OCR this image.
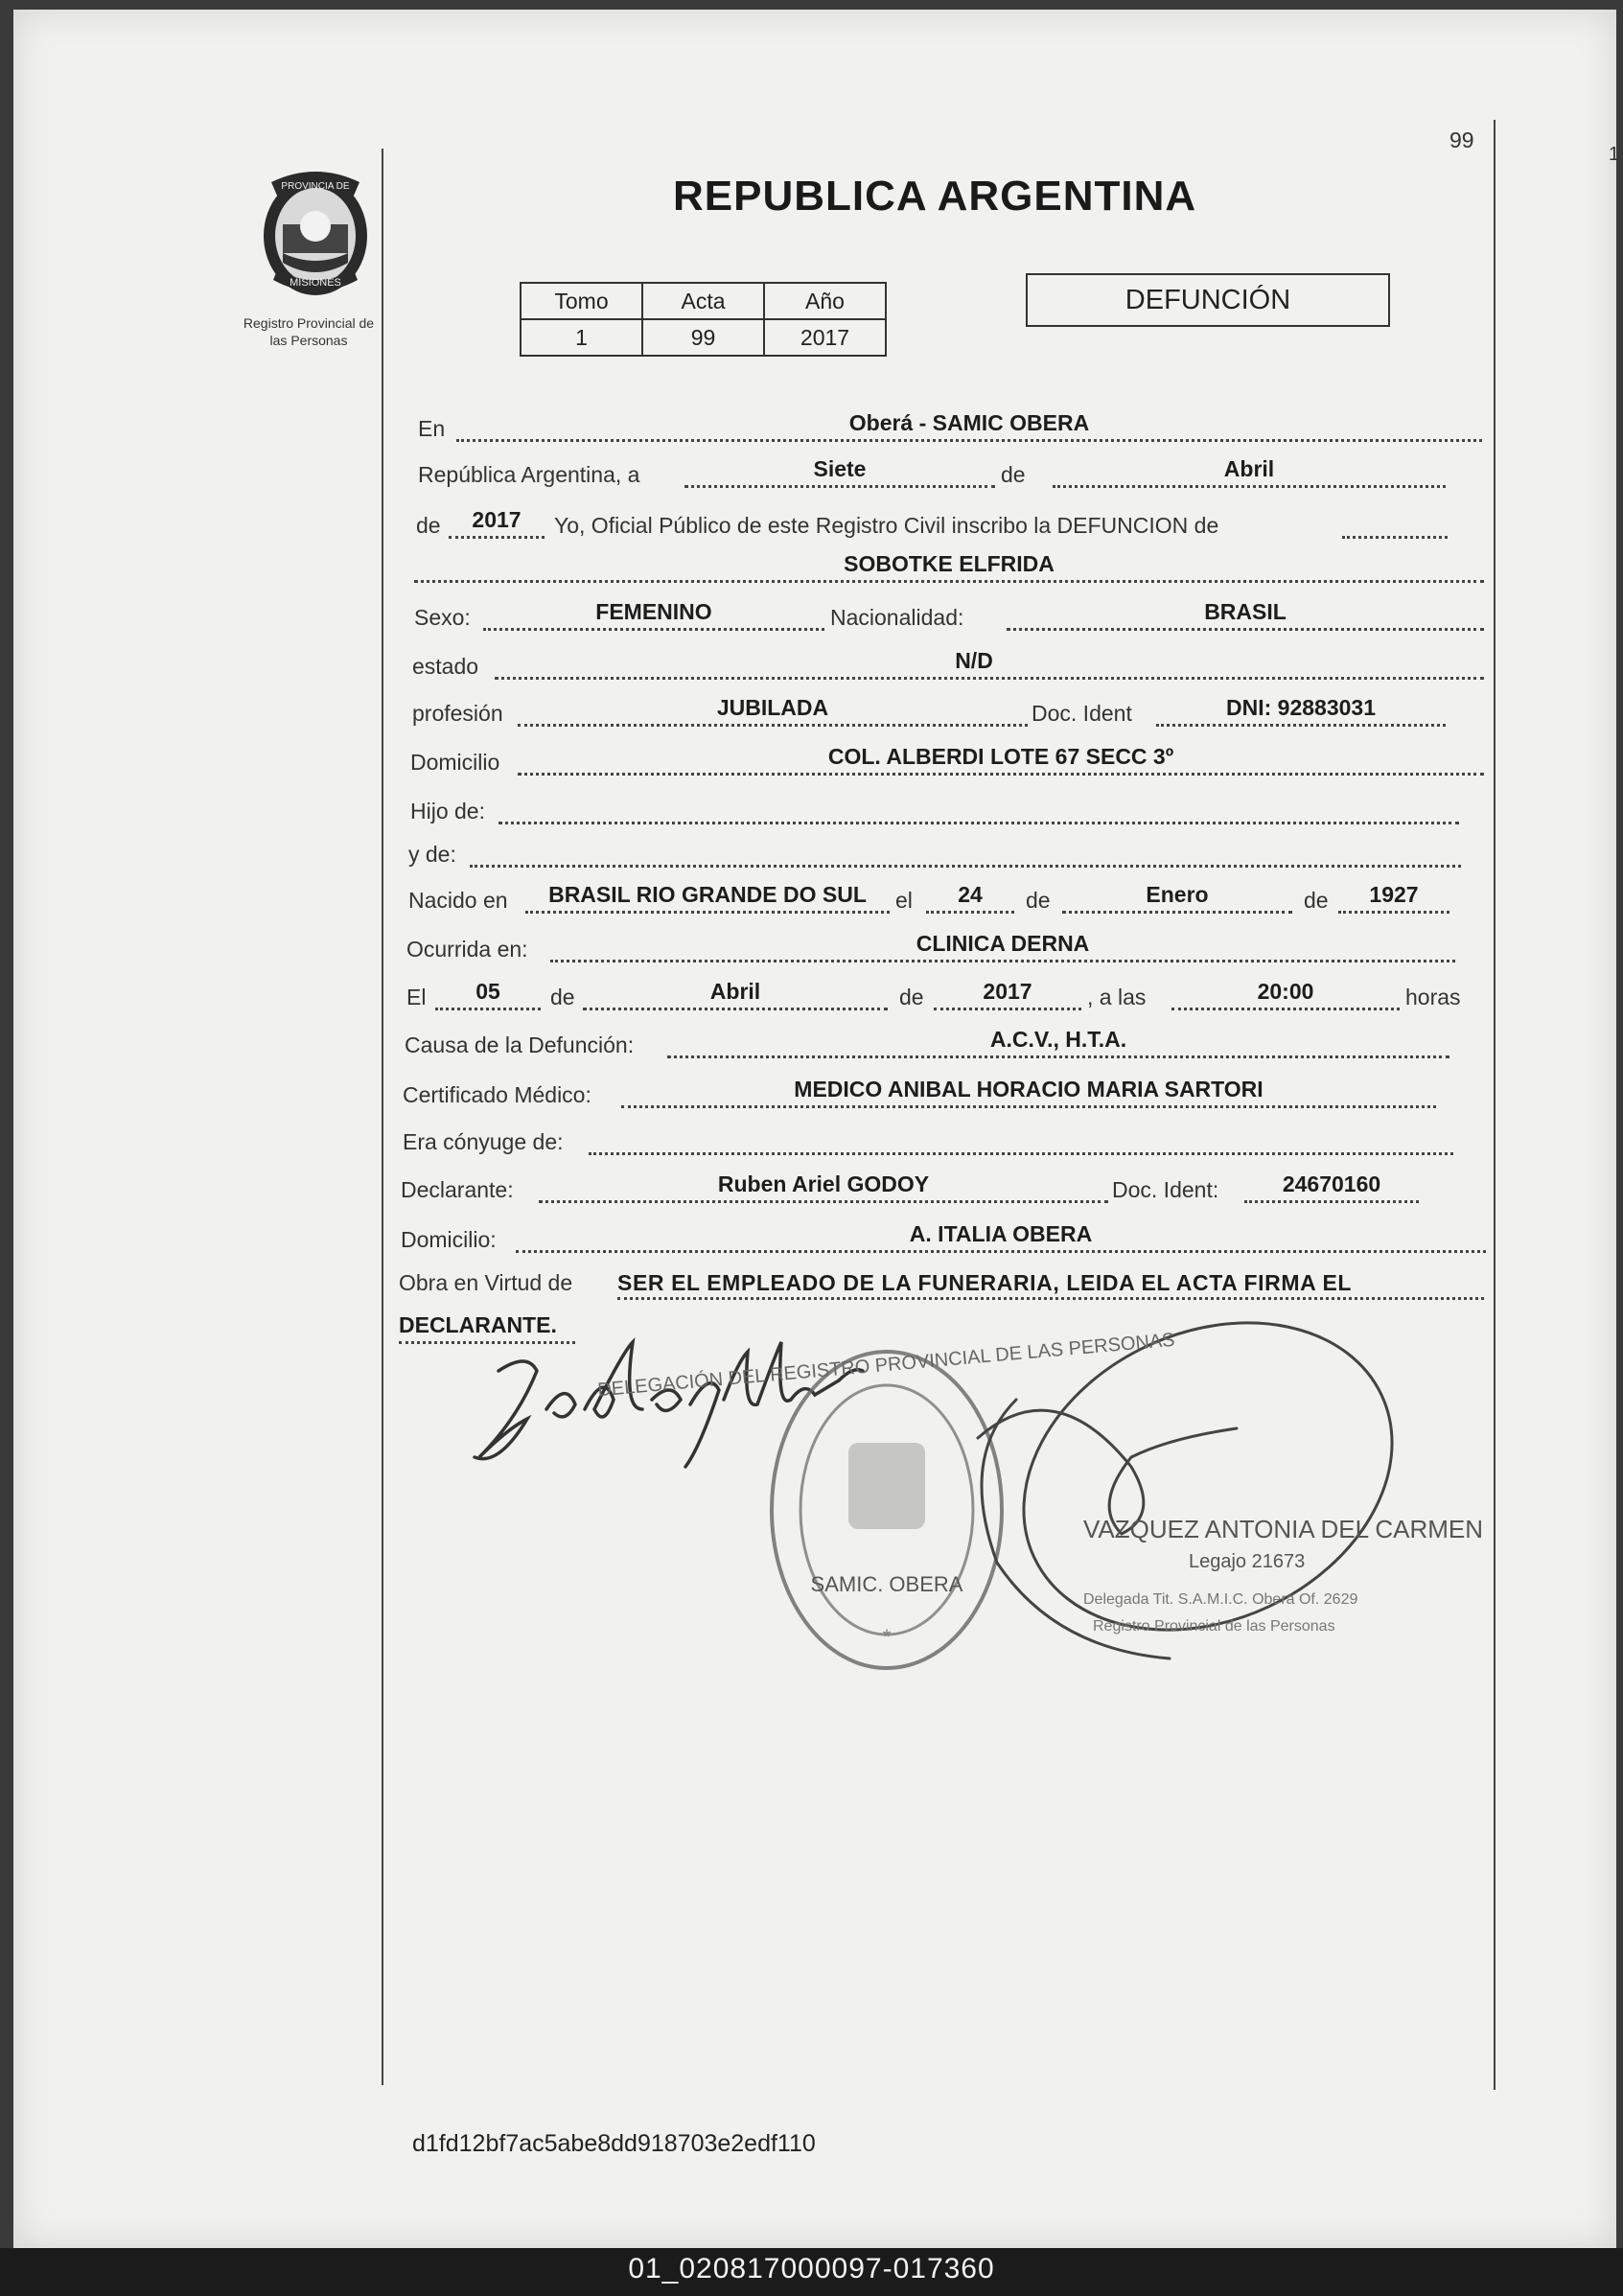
99
1
PROVINCIA DE
MISIONES
Registro Provincial de
las Personas
REPUBLICA ARGENTINA
Tomo	Acta	Año
1	99	2017
DEFUNCIÓN
En	Oberá - SAMIC OBERA
República Argentina, a	Siete	de	Abril
de	2017	Yo, Oficial Público de este Registro Civil inscribo la DEFUNCION de
SOBOTKE ELFRIDA
Sexo:	FEMENINO	Nacionalidad:	BRASIL
estado	N/D
profesión	JUBILADA	Doc. Ident	DNI: 92883031
Domicilio	COL. ALBERDI LOTE 67 SECC 3º
Hijo de:
y de:
Nacido en	BRASIL RIO GRANDE DO SUL	el	24	de	Enero	de	1927
Ocurrida en:	CLINICA DERNA
El	05	de	Abril	de	2017	, a las	20:00	horas
Causa de la Defunción:	A.C.V., H.T.A.
Certificado Médico:	MEDICO ANIBAL HORACIO MARIA SARTORI
Era cónyuge de:
Declarante:	Ruben Ariel GODOY	Doc. Ident:	24670160
Domicilio:	A. ITALIA OBERA
Obra en Virtud de SER EL EMPLEADO DE LA FUNERARIA, LEIDA EL ACTA FIRMA EL
DECLARANTE.
*
DELEGACIÓN DEL REGISTRO PROVINCIAL DE LAS PERSONAS
SAMIC. OBERA
VAZQUEZ ANTONIA DEL CARMEN
Legajo 21673
Delegada Tit. S.A.M.I.C. Oberá Of. 2629
Registro Provincial de las Personas
d1fd12bf7ac5abe8dd918703e2edf110
01_020817000097-017360
